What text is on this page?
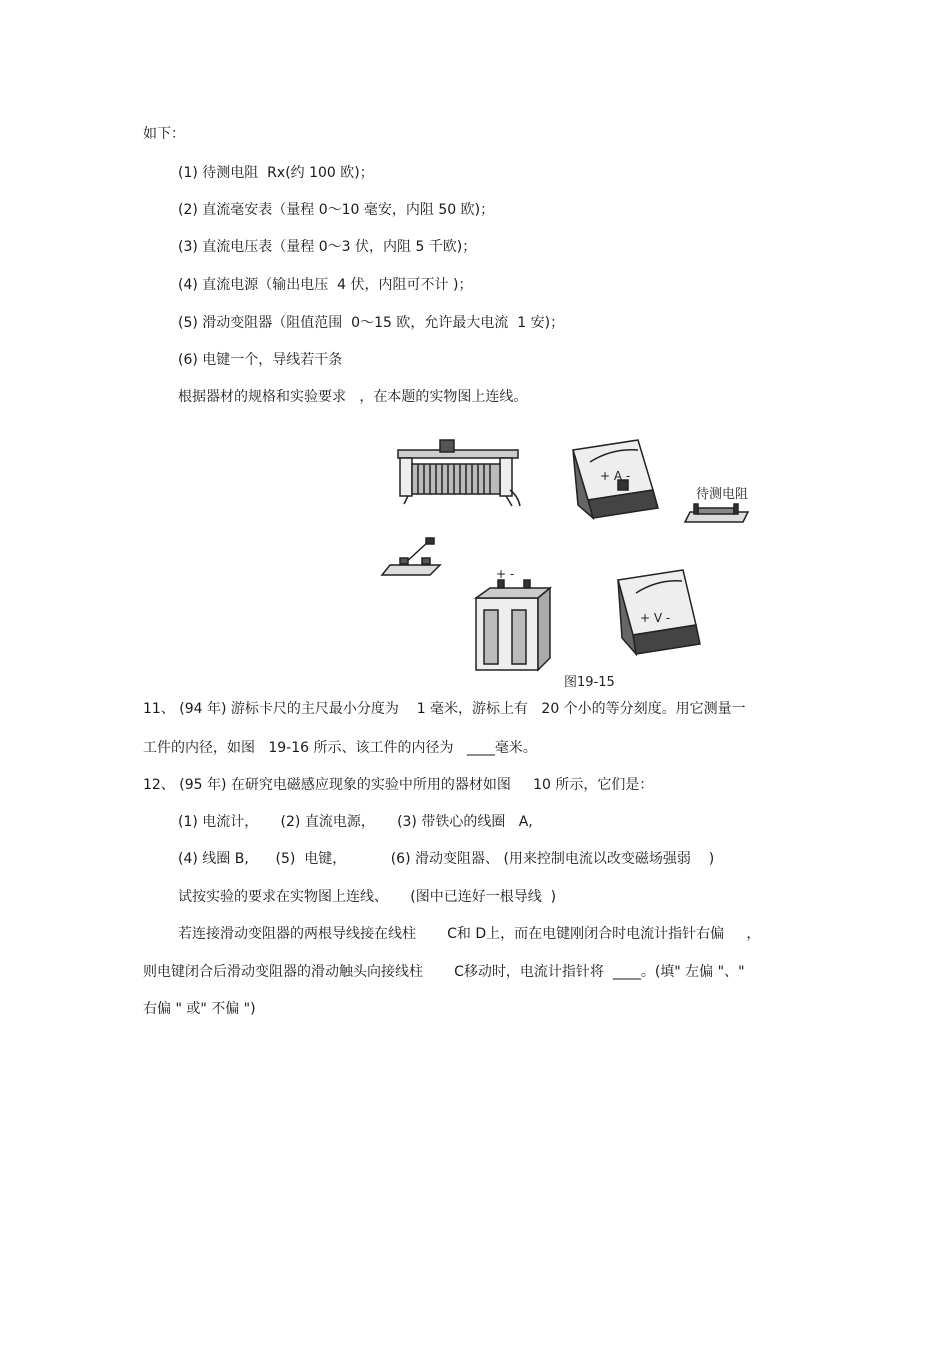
如下：
(1) 待测电阻  Rx(约 100 欧)；
(2) 直流毫安表（量程 0～10 毫安，内阻 50 欧)；
(3) 直流电压表（量程 0～3 伏，内阻 5 千欧)；
(4) 直流电源（输出电压  4 伏，内阻可不计 )；
(5) 滑动变阻器（阻值范围  0～15 欧，允许最大电流  1 安)；
(6) 电键一个，导线若干条
根据器材的规格和实验要求   ，在本题的实物图上连线。
+ A -
待测电阻
+ -
+ V -
图19-15
11、 (94 年) 游标卡尺的主尺最小分度为    1 毫米，游标上有   20 个小的等分刻度。用它测量一
工件的内径，如图   19-16 所示、该工件的内径为   ____毫米。
12、 (95 年) 在研究电磁感应现象的实验中所用的器材如图     10 所示，它们是：
(1) 电流计，     (2) 直流电源，     (3) 带铁心的线圈   A,
(4) 线圈 B,      (5)  电键，          (6) 滑动变阻器、 (用来控制电流以改变磁场强弱    )
试按实验的要求在实物图上连线、     (图中已连好一根导线  )
若连接滑动变阻器的两根导线接在线柱       C和 D上，而在电键刚闭合时电流计指针右偏     ，
则电键闭合后滑动变阻器的滑动触头向接线柱       C移动时，电流计指针将  ____。(填" 左偏 "、"
右偏 " 或" 不偏 ")
